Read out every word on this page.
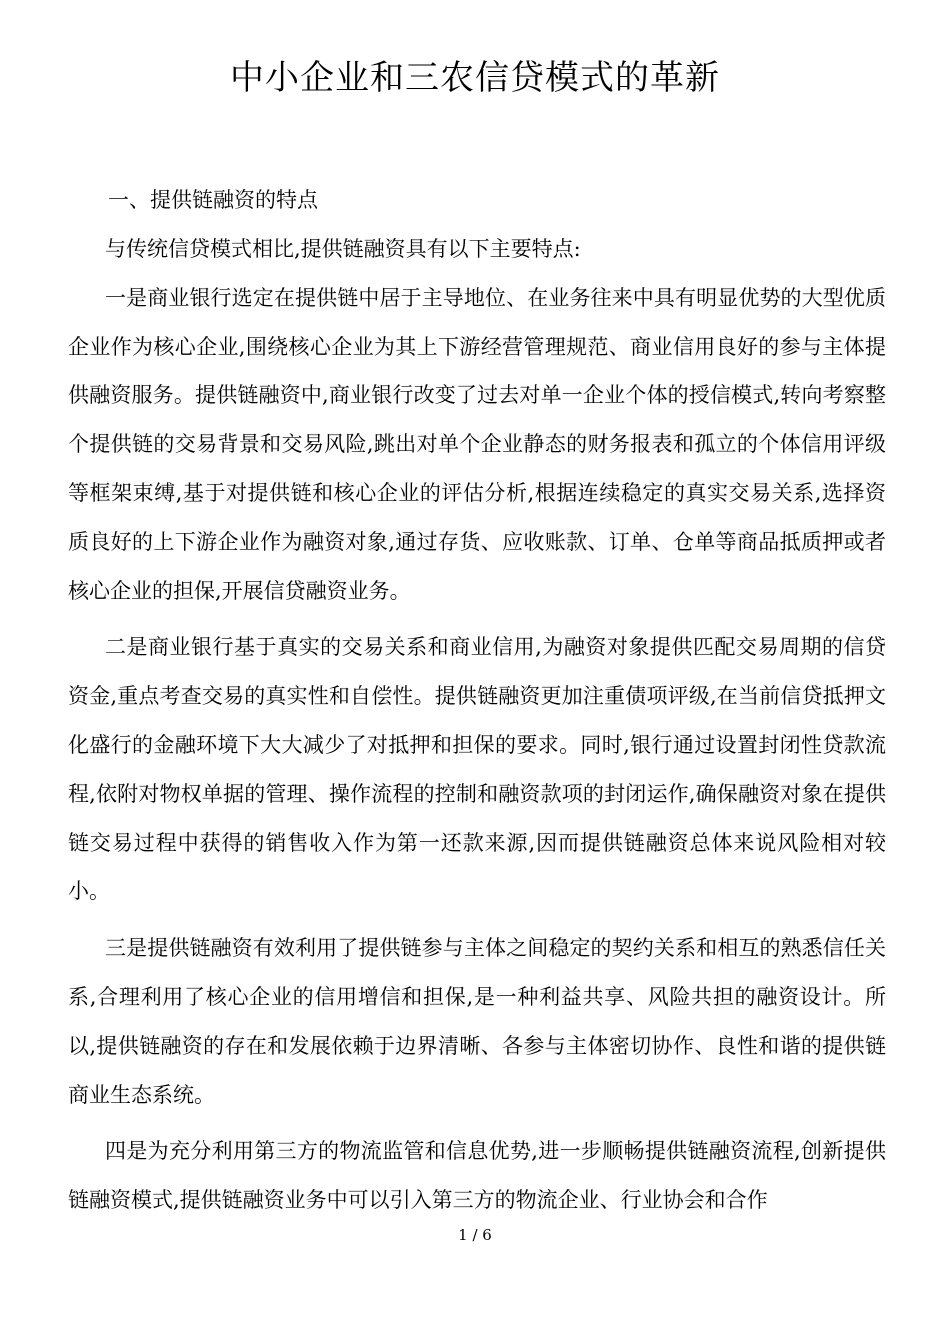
中小企业和三农信贷模式的革新
一、提供链融资的特点

与传统信贷模式相比,提供链融资具有以下主要特点:

一是商业银行选定在提供链中居于主导地位、在业务往来中具有明显优势的大型优质企业作为核心企业,围绕核心企业为其上下游经营管理规范、商业信用良好的参与主体提供融资服务。提供链融资中,商业银行改变了过去对单一企业个体的授信模式,转向考察整个提供链的交易背景和交易风险,跳出对单个企业静态的财务报表和孤立的个体信用评级等框架束缚,基于对提供链和核心企业的评估分析,根据连续稳定的真实交易关系,选择资质良好的上下游企业作为融资对象,通过存货、应收账款、订单、仓单等商品抵质押或者核心企业的担保,开展信贷融资业务。

二是商业银行基于真实的交易关系和商业信用,为融资对象提供匹配交易周期的信贷资金,重点考查交易的真实性和自偿性。提供链融资更加注重债项评级,在当前信贷抵押文化盛行的金融环境下大大减少了对抵押和担保的要求。同时,银行通过设置封闭性贷款流程,依附对物权单据的管理、操作流程的控制和融资款项的封闭运作,确保融资对象在提供链交易过程中获得的销售收入作为第一还款来源,因而提供链融资总体来说风险相对较小。

三是提供链融资有效利用了提供链参与主体之间稳定的契约关系和相互的熟悉信任关系,合理利用了核心企业的信用增信和担保,是一种利益共享、风险共担的融资设计。所以,提供链融资的存在和发展依赖于边界清晰、各参与主体密切协作、良性和谐的提供链商业生态系统。

四是为充分利用第三方的物流监管和信息优势,进一步顺畅提供链融资流程,创新提供链融资模式,提供链融资业务中可以引入第三方的物流企业、行业协会和合作

1 / 6
